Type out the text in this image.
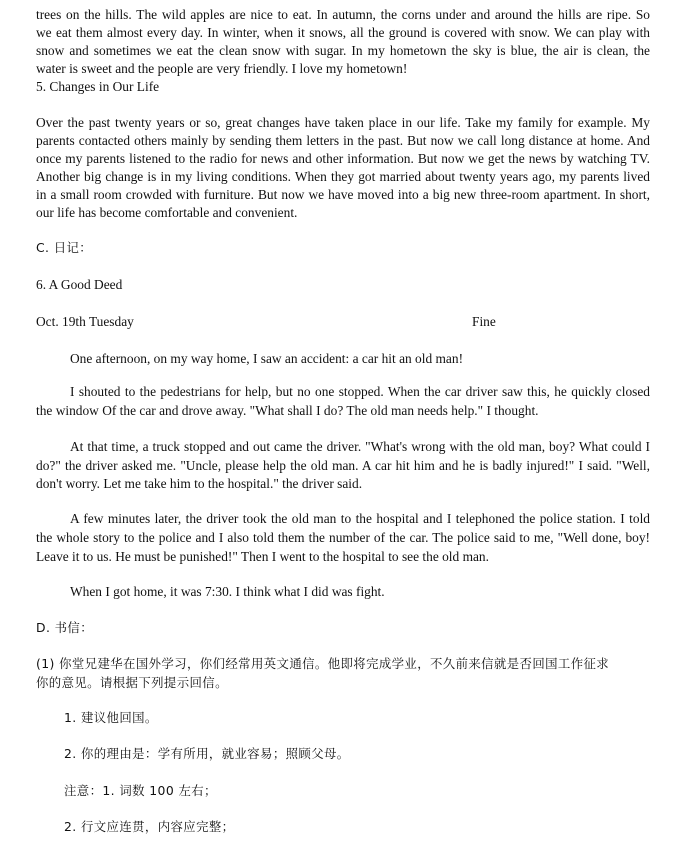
trees on the hills. The wild apples are nice to eat. In autumn, the corns under and around the hills are ripe. So
we eat them almost every day. In winter, when it snows, all the ground is covered with snow. We can play with
snow and sometimes we eat the clean snow with sugar. In my hometown the sky is blue, the air is clean, the
water is sweet and the people are very friendly. I love my hometown!
5. Changes in Our Life
Over the past twenty years or so, great changes have taken place in our life. Take my family for example. My
parents contacted others mainly by sending them letters in the past. But now we call long distance at home. And
once my parents listened to the radio for news and other information. But now we get the news by watching TV.
Another big change is in my living conditions. When they got married about twenty years ago, my parents lived
in a small room crowded with furniture. But now we have moved into a big new three-room apartment. In short,
our life has become comfortable and convenient.
C. 日记：
6. A Good Deed
Oct. 19th Tuesday	Fine
One afternoon, on my way home, I saw an accident: a car hit an old man!
I shouted to the pedestrians for help, but no one stopped. When the car driver saw this, he quickly closed
the window Of the car and drove away. "What shall I do? The old man needs help." I thought.
At that time, a truck stopped and out came the driver. "What's wrong with the old man, boy? What could I
do?" the driver asked me. "Uncle, please help the old man. A car hit him and he is badly injured!" I said. "Well,
don't worry. Let me take him to the hospital." the driver said.
A few minutes later, the driver took the old man to the hospital and I telephoned the police station. I told
the whole story to the police and I also told them the number of the car. The police said to me, "Well done, boy!
Leave it to us. He must be punished!" Then I went to the hospital to see the old man.
When I got home, it was 7:30. I think what I did was fight.
D. 书信：
(1) 你堂兄建华在国外学习，你们经常用英文通信。他即将完成学业，不久前来信就是否回国工作征求
你的意见。请根据下列提示回信。
1. 建议他回国。
2. 你的理由是：学有所用，就业容易；照顾父母。
注意：1. 词数 100 左右；
2. 行文应连贯，内容应完整；
